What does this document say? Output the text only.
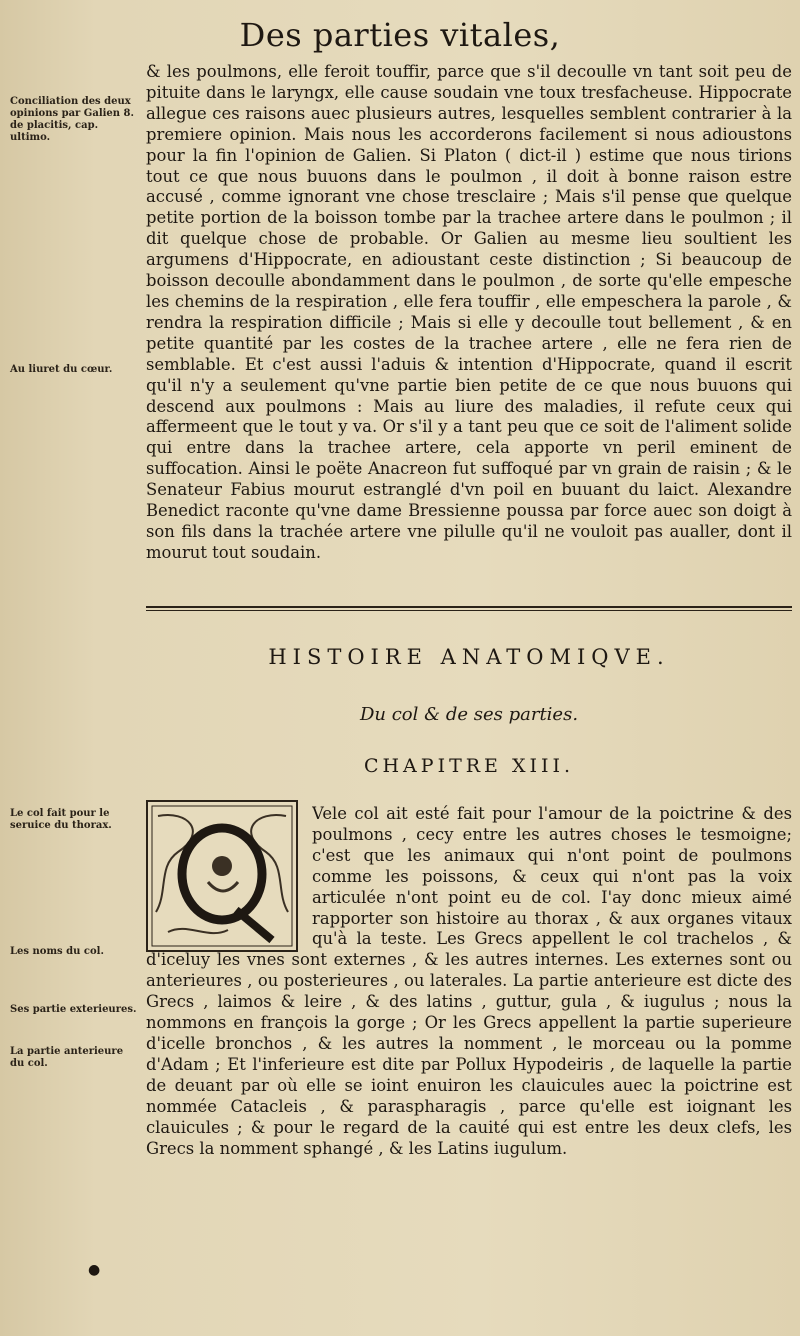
Des parties vitales,
Conciliation des deux opinions par Galien 8. de placitis, cap. ultimo.
Au liuret du cœur.
Le col fait pour le seruice du thorax.
Les noms du col.
Ses partie exterieures.
La partie anterieure du col.

& les poulmons, elle feroit touffir, parce que s'il decoulle vn tant soit peu de pituite dans le laryngx, elle cause soudain vne toux tresfacheuse. Hippocrate allegue ces raisons auec plusieurs autres, lesquelles semblent contrarier à la premiere opinion. Mais nous les accorderons facilement si nous adioustons pour la fin l'opinion de Galien. Si Platon ( dict-il ) estime que nous tirions tout ce que nous buuons dans le poulmon , il doit à bonne raison estre accusé , comme ignorant vne chose tresclaire ; Mais s'il pense que quelque petite portion de la boisson tombe par la trachee artere dans le poulmon ; il dit quelque chose de probable. Or Galien au mesme lieu soultient les argumens d'Hippocrate, en adioustant ceste distinction ; Si beaucoup de boisson decoulle abondamment dans le poulmon , de sorte qu'elle empesche les chemins de la respiration , elle fera touffir , elle empeschera la parole , & rendra la respiration difficile ; Mais si elle y decoulle tout bellement , & en petite quantité par les costes de la trachee artere , elle ne fera rien de semblable. Et c'est aussi l'aduis & intention d'Hippocrate, quand il escrit qu'il n'y a seulement qu'vne partie bien petite de ce que nous buuons qui descend aux poulmons : Mais au liure des maladies, il refute ceux qui affermeent que le tout y va. Or s'il y a tant peu que ce soit de l'aliment solide qui entre dans la trachee artere, cela apporte vn peril eminent de suffocation. Ainsi le poëte Anacreon fut suffoqué par vn grain de raisin ; & le Senateur Fabius mourut estranglé d'vn poil en buuant du laict. Alexandre Benedict raconte qu'vne dame Bressienne poussa par force auec son doigt à son fils dans la trachée artere vne pilulle qu'il ne vouloit pas aualler, dont il mourut tout soudain.

HISTOIRE ANATOMIQVE.
Du col & de ses parties.
CHAPITRE XIII.

Vele col ait esté fait pour l'amour de la poictrine & des poulmons , cecy entre les autres choses le tesmoigne; c'est que les animaux qui n'ont point de poulmons comme les poissons, & ceux qui n'ont pas la voix articulée n'ont point eu de col. I'ay donc mieux aimé rapporter son histoire au thorax , & aux organes vitaux qu'à la teste. Les Grecs appellent le col trachelos , &

d'iceluy les vnes sont externes , & les autres internes. Les externes sont ou anterieures , ou posterieures , ou laterales. La partie anterieure est dicte des Grecs , laimos & leire , & des latins , guttur, gula , & iugulus ; nous la nommons en françois la gorge ; Or les Grecs appellent la partie superieure d'icelle bronchos , & les autres la nomment , le morceau ou la pomme d'Adam ; Et l'inferieure est dite par Pollux Hypodeiris , de laquelle la partie de deuant par où elle se ioint enuiron les clauicules auec la poictrine est nommée Catacleis , & paraspharagis , parce qu'elle est ioignant les clauicules ; & pour le regard de la cauité qui est entre les deux clefs, les Grecs la nomment sphangé , & les Latins iugulum.

●
